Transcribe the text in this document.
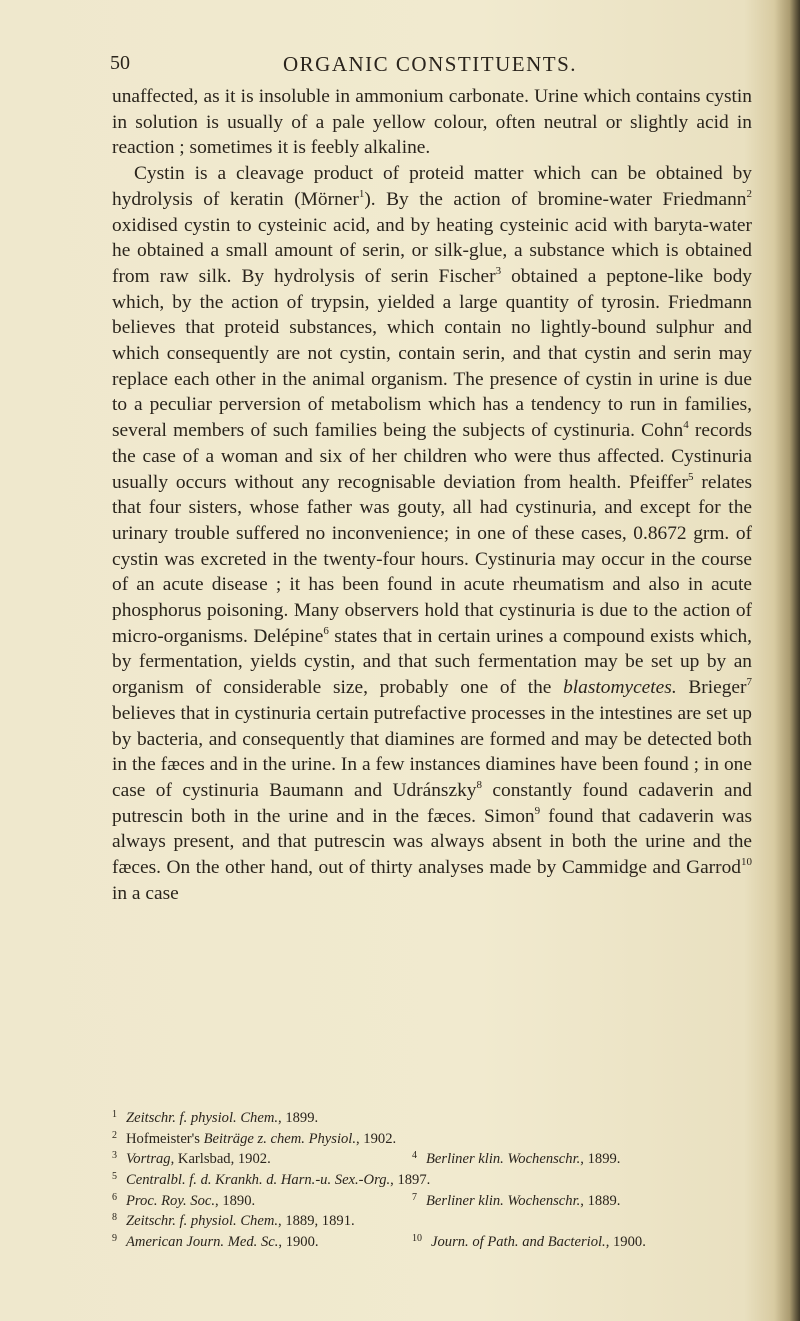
50	ORGANIC CONSTITUENTS.

unaffected, as it is insoluble in ammonium carbonate. Urine which contains cystin in solution is usually of a pale yellow colour, often neutral or slightly acid in reaction ; sometimes it is feebly alkaline.

Cystin is a cleavage product of proteid matter which can be obtained by hydrolysis of keratin (Mörner$^1$). By the action of bromine-water Friedmann$^2$ oxidised cystin to cysteinic acid, and by heating cysteinic acid with baryta-water he obtained a small amount of serin, or silk-glue, a substance which is obtained from raw silk. By hydrolysis of serin Fischer$^3$ obtained a peptone-like body which, by the action of trypsin, yielded a large quantity of tyrosin. Friedmann believes that proteid substances, which contain no lightly-bound sulphur and which consequently are not cystin, contain serin, and that cystin and serin may replace each other in the animal organism. The presence of cystin in urine is due to a peculiar perversion of metabolism which has a tendency to run in families, several members of such families being the subjects of cystinuria. Cohn$^4$ records the case of a woman and six of her children who were thus affected. Cystinuria usually occurs without any recognisable deviation from health. Pfeiffer$^5$ relates that four sisters, whose father was gouty, all had cystinuria, and except for the urinary trouble suffered no inconvenience; in one of these cases, 0.8672 grm. of cystin was excreted in the twenty-four hours. Cystinuria may occur in the course of an acute disease ; it has been found in acute rheumatism and also in acute phosphorus poisoning. Many observers hold that cystinuria is due to the action of micro-organisms. Delépine$^6$ states that in certain urines a compound exists which, by fermentation, yields cystin, and that such fermentation may be set up by an organism of considerable size, probably one of the blastomycetes. Brieger$^7$ believes that in cystinuria certain putrefactive processes in the intestines are set up by bacteria, and consequently that diamines are formed and may be detected both in the fæces and in the urine. In a few instances diamines have been found ; in one case of cystinuria Baumann and Udránszky$^8$ constantly found cadaverin and putrescin both in the urine and in the fæces. Simon$^9$ found that cadaverin was always present, and that putrescin was always absent in both the urine and the fæces. On the other hand, out of thirty analyses made by Cammidge and Garrod$^{10}$ in a case

$^1$ Zeitschr. f. physiol. Chem., 1899.
$^2$ Hofmeister's Beiträge z. chem. Physiol., 1902.
$^3$ Vortrag, Karlsbad, 1902.	$^4$ Berliner klin. Wochenschr., 1899.
$^5$ Centralbl. f. d. Krankh. d. Harn.-u. Sex.-Org., 1897.
$^6$ Proc. Roy. Soc., 1890.	$^7$ Berliner klin. Wochenschr., 1889.
$^8$ Zeitschr. f. physiol. Chem., 1889, 1891.
$^9$ American Journ. Med. Sc., 1900.	$^{10}$ Journ. of Path. and Bacteriol., 1900.
